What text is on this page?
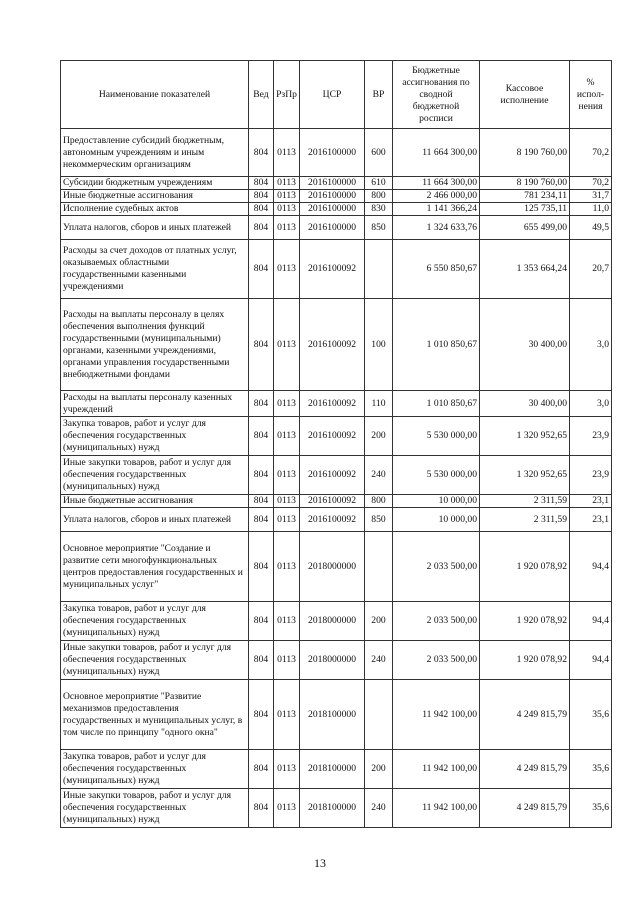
Наименование показателей	Вед	РзПр	ЦСР	ВР	Бюджетные ассигнования по сводной бюджетной росписи	Кассовое исполнение	% испол-нения
Предоставление субсидий бюджетным, автономным учреждениям и иным некоммерческим организациям	804	0113	2016100000	600	11 664 300,00	8 190 760,00	70,2
Субсидии бюджетным учреждениям	804	0113	2016100000	610	11 664 300,00	8 190 760,00	70,2
Иные бюджетные ассигнования	804	0113	2016100000	800	2 466 000,00	781 234,11	31,7
Исполнение судебных актов	804	0113	2016100000	830	1 141 366,24	125 735,11	11,0
Уплата налогов, сборов и иных платежей	804	0113	2016100000	850	1 324 633,76	655 499,00	49,5
Расходы за счет доходов от платных услуг, оказываемых областными государственными казенными учреждениями	804	0113	2016100092		6 550 850,67	1 353 664,24	20,7
Расходы на выплаты персоналу в целях обеспечения выполнения функций государственными (муниципальными) органами, казенными учреждениями, органами управления государственными внебюджетными фондами	804	0113	2016100092	100	1 010 850,67	30 400,00	3,0
Расходы на выплаты персоналу казенных учреждений	804	0113	2016100092	110	1 010 850,67	30 400,00	3,0
Закупка товаров, работ и услуг для обеспечения государственных (муниципальных) нужд	804	0113	2016100092	200	5 530 000,00	1 320 952,65	23,9
Иные закупки товаров, работ и услуг для обеспечения государственных (муниципальных) нужд	804	0113	2016100092	240	5 530 000,00	1 320 952,65	23,9
Иные бюджетные ассигнования	804	0113	2016100092	800	10 000,00	2 311,59	23,1
Уплата налогов, сборов и иных платежей	804	0113	2016100092	850	10 000,00	2 311,59	23,1
Основное мероприятие "Создание и развитие сети многофункциональных центров предоставления государственных и муниципальных услуг"	804	0113	2018000000		2 033 500,00	1 920 078,92	94,4
Закупка товаров, работ и услуг для обеспечения государственных (муниципальных) нужд	804	0113	2018000000	200	2 033 500,00	1 920 078,92	94,4
Иные закупки товаров, работ и услуг для обеспечения государственных (муниципальных) нужд	804	0113	2018000000	240	2 033 500,00	1 920 078,92	94,4
Основное мероприятие "Развитие механизмов предоставления государственных и муниципальных услуг, в том числе по принципу "одного окна"	804	0113	2018100000		11 942 100,00	4 249 815,79	35,6
Закупка товаров, работ и услуг для обеспечения государственных (муниципальных) нужд	804	0113	2018100000	200	11 942 100,00	4 249 815,79	35,6
Иные закупки товаров, работ и услуг для обеспечения государственных (муниципальных) нужд	804	0113	2018100000	240	11 942 100,00	4 249 815,79	35,6
13
